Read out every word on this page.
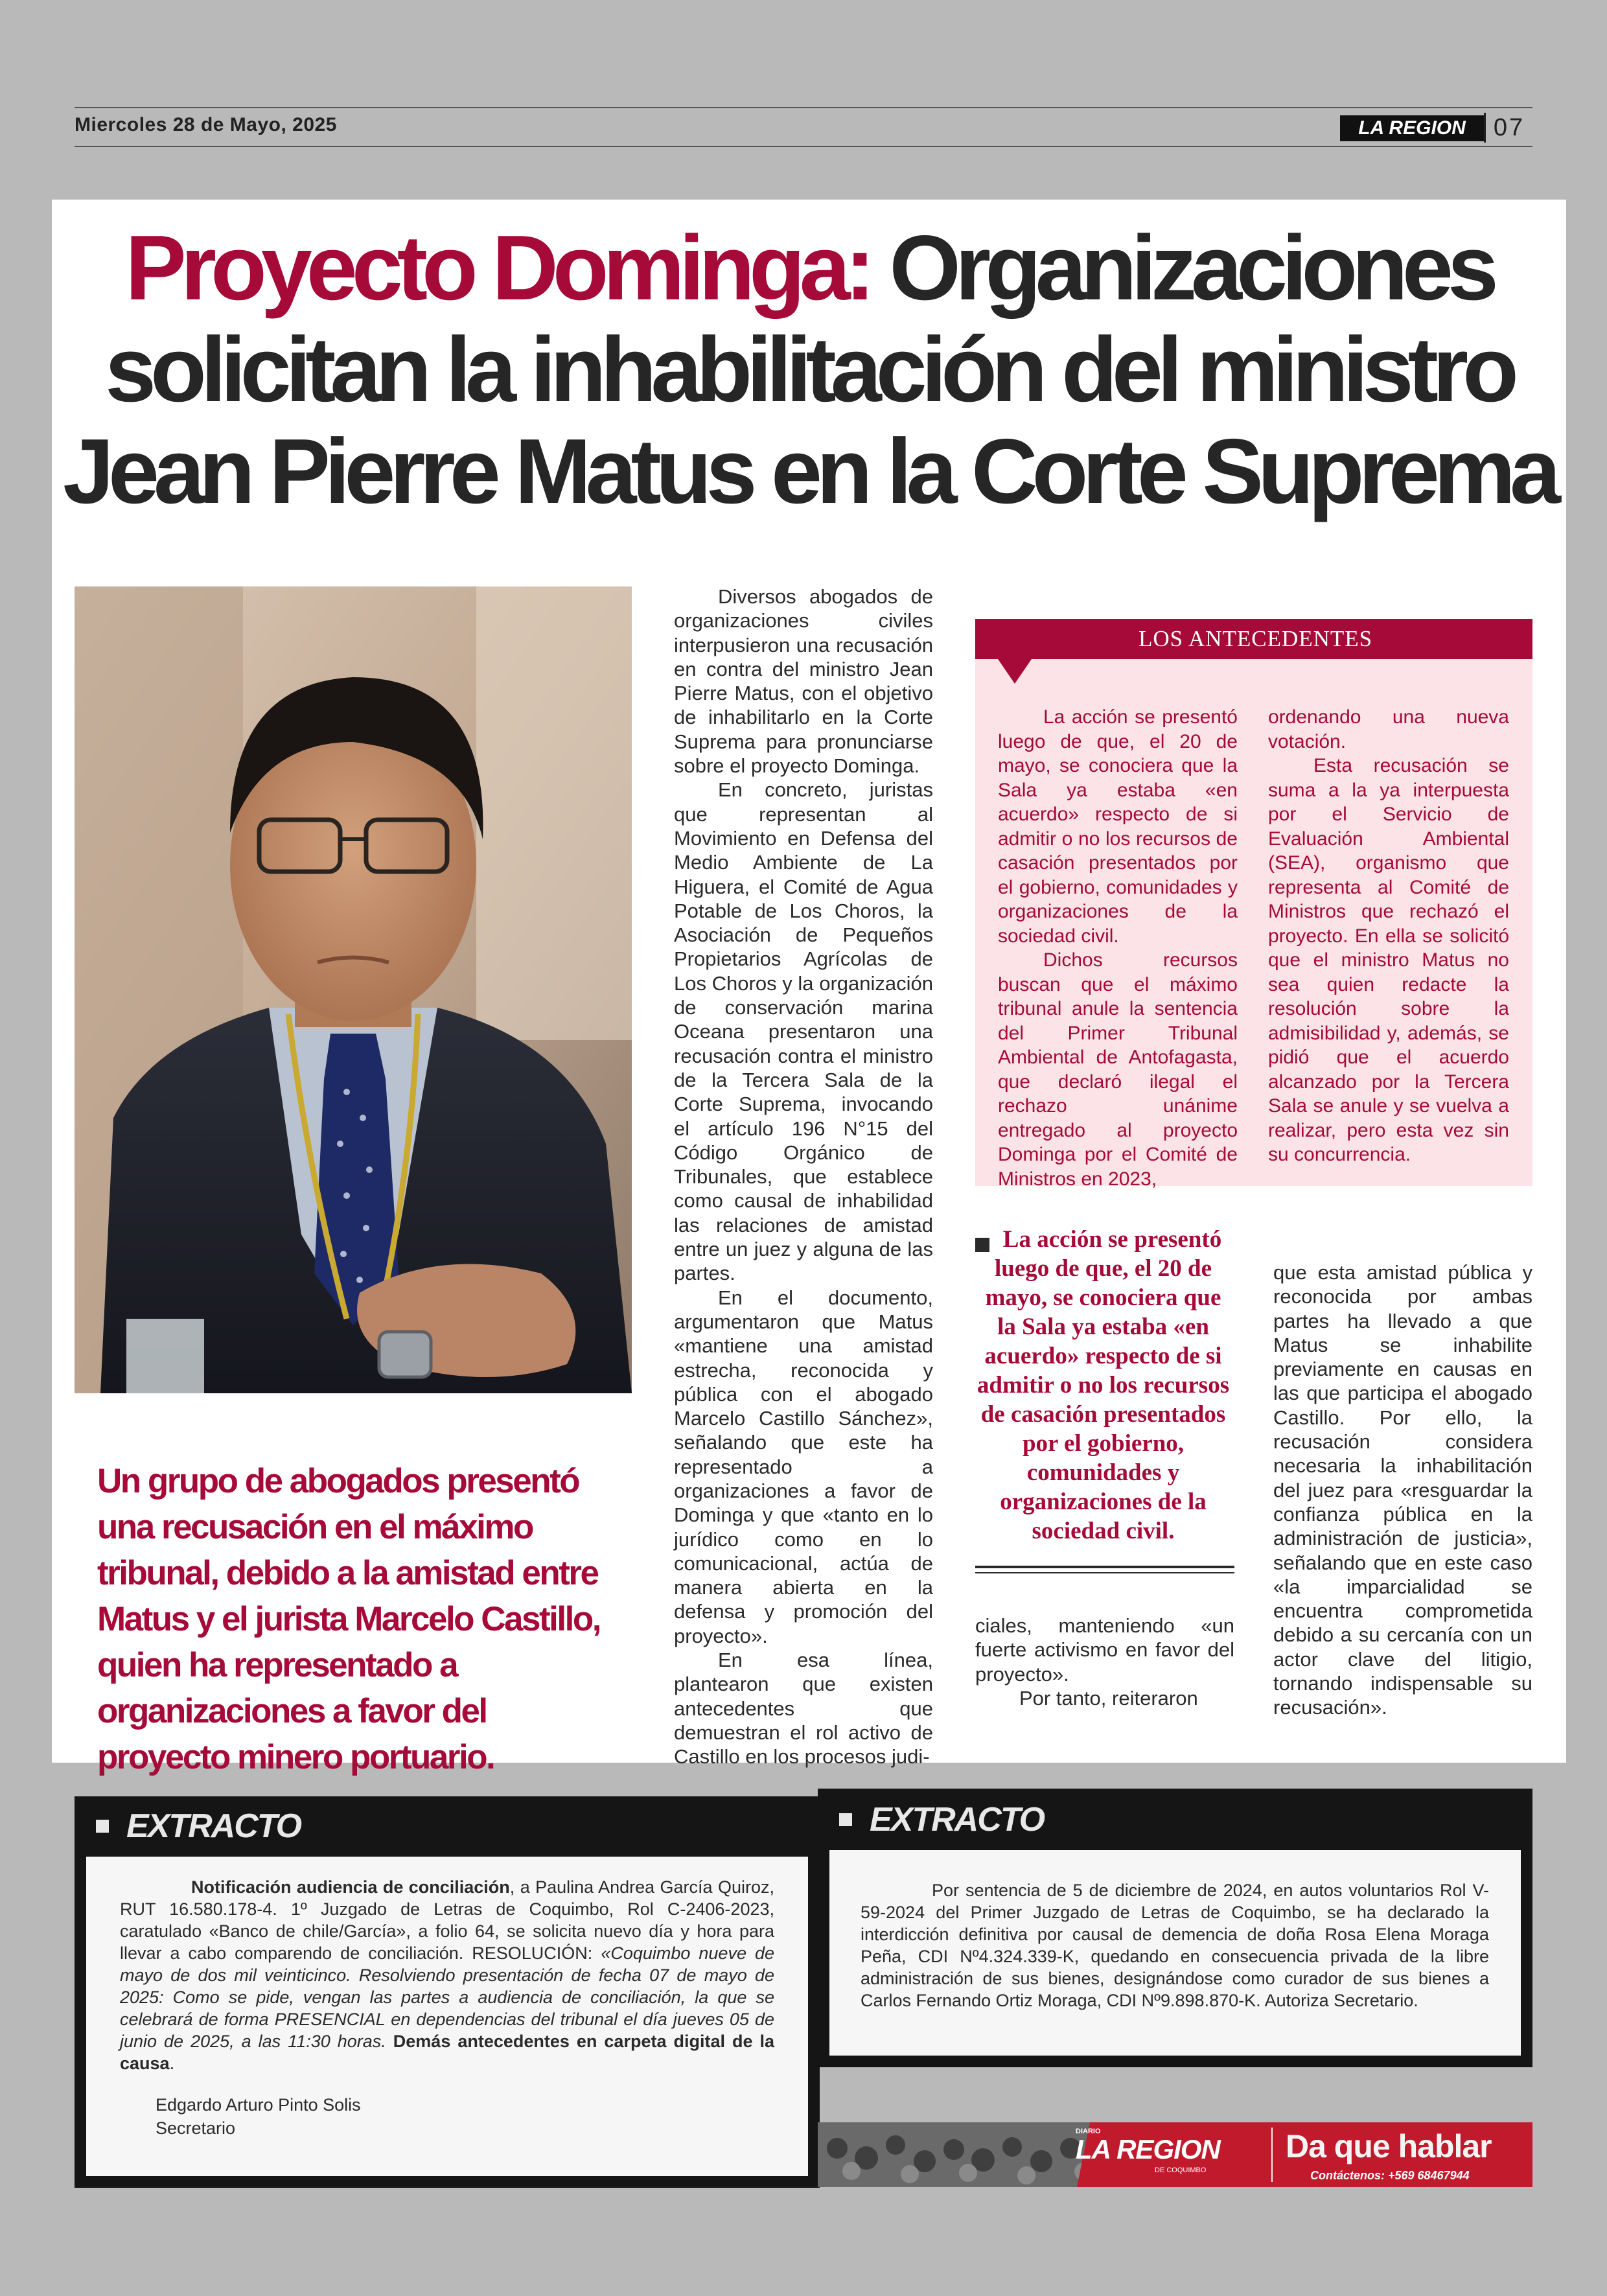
Miercoles 28 de Mayo, 2025	LA REGION	07
Proyecto Dominga: Organizaciones solicitan la inhabilitación del ministro Jean Pierre Matus en la Corte Suprema
Un grupo de abogados presentó una recusación en el máximo tribunal, debido a la amistad entre Matus y el jurista Marcelo Castillo, quien ha representado a organizaciones a favor del proyecto minero portuario.

Diversos abogados de organizaciones civiles interpusieron una recusación en contra del ministro Jean Pierre Matus, con el objetivo de inhabilitarlo en la Corte Suprema para pronunciarse sobre el proyecto Dominga.

En concreto, juristas que representan al Movimiento en Defensa del Medio Ambiente de La Higuera, el Comité de Agua Potable de Los Choros, la Asociación de Pequeños Propietarios Agrícolas de Los Choros y la organización de conservación marina Oceana presentaron una recusación contra el ministro de la Tercera Sala de la Corte Suprema, invocando el artículo 196 N°15 del Código Orgánico de Tribunales, que establece como causal de inhabilidad las relaciones de amistad entre un juez y alguna de las partes.

En el documento, argumentaron que Matus «mantiene una amistad estrecha, reconocida y pública con el abogado Marcelo Castillo Sánchez», señalando que este ha representado a organizaciones a favor de Dominga y que «tanto en lo jurídico como en lo comunicacional, actúa de manera abierta en la defensa y promoción del proyecto».

En esa línea, plantearon que existen antecedentes que demuestran el rol activo de Castillo en los procesos judi-

LOS ANTECEDENTES

La acción se presentó luego de que, el 20 de mayo, se conociera que la Sala ya estaba «en acuerdo» respecto de si admitir o no los recursos de casación presentados por el gobierno, comunidades y organizaciones de la sociedad civil.

Dichos recursos buscan que el máximo tribunal anule la sentencia del Primer Tribunal Ambiental de Antofagasta, que declaró ilegal el rechazo unánime entregado al proyecto Dominga por el Comité de Ministros en 2023,

ordenando una nueva votación.

Esta recusación se suma a la ya interpuesta por el Servicio de Evaluación Ambiental (SEA), organismo que representa al Comité de Ministros que rechazó el proyecto. En ella se solicitó que el ministro Matus no sea quien redacte la resolución sobre la admisibilidad y, además, se pidió que el acuerdo alcanzado por la Tercera Sala se anule y se vuelva a realizar, pero esta vez sin su concurrencia.

La acción se presentó luego de que, el 20 de mayo, se conociera que la Sala ya estaba «en acuerdo» respecto de si admitir o no los recursos de casación presentados por el gobierno, comunidades y organizaciones de la sociedad civil.

ciales, manteniendo «un fuerte activismo en favor del proyecto».

Por tanto, reiteraron

que esta amistad pública y reconocida por ambas partes ha llevado a que Matus se inhabilite previamente en causas en las que participa el abogado Castillo. Por ello, la recusación considera necesaria la inhabilitación del juez para «resguardar la confianza pública en la administración de justicia», señalando que en este caso «la imparcialidad se encuentra comprometida debido a su cercanía con un actor clave del litigio, tornando indispensable su recusación».

EXTRACTO

Notificación audiencia de conciliación, a Paulina Andrea García Quiroz, RUT 16.580.178-4. 1º Juzgado de Letras de Coquimbo, Rol C-2406-2023, caratulado «Banco de chile/García», a folio 64, se solicita nuevo día y hora para llevar a cabo comparendo de conciliación. RESOLUCIÓN: «Coquimbo nueve de mayo de dos mil veinticinco. Resolviendo presentación de fecha 07 de mayo de 2025: Como se pide, vengan las partes a audiencia de conciliación, la que se celebrará de forma PRESENCIAL en dependencias del tribunal el día jueves 05 de junio de 2025, a las 11:30 horas. Demás antecedentes en carpeta digital de la causa.

Edgardo Arturo Pinto Solis
Secretario
EXTRACTO

Por sentencia de 5 de diciembre de 2024, en autos voluntarios Rol V-59-2024 del Primer Juzgado de Letras de Coquimbo, se ha declarado la interdicción definitiva por causal de demencia de doña Rosa Elena Moraga Peña, CDI Nº4.324.339-K, quedando en consecuencia privada de la libre administración de sus bienes, designándose como curador de sus bienes a Carlos Fernando Ortiz Moraga, CDI Nº9.898.870-K. Autoriza Secretario.

DIARIO
LA REGION
DE COQUIMBO
Da que hablar
Contáctenos: +569 68467944
